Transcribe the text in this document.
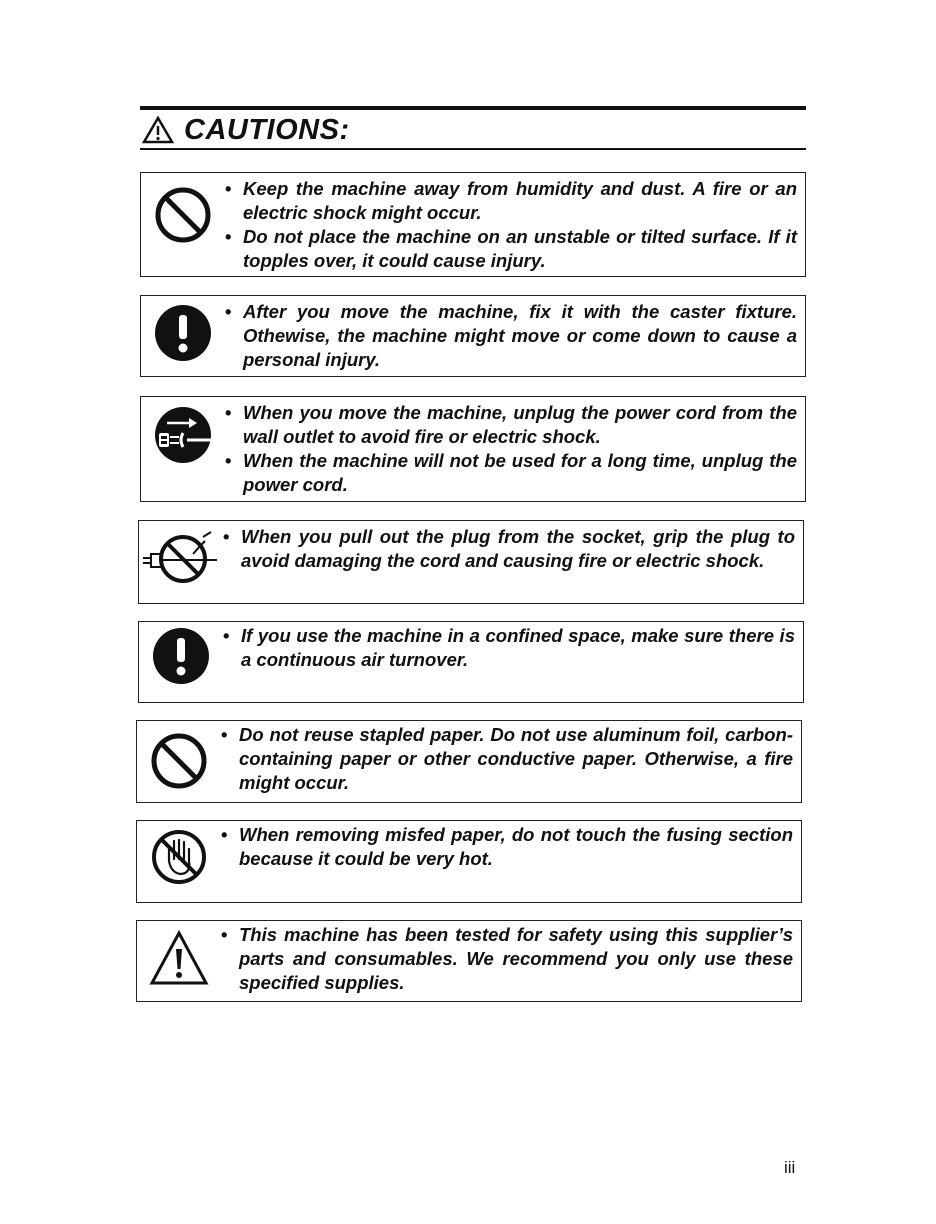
CAUTIONS:
• Keep the machine away from humidity and dust. A fire or an electric shock might occur.
• Do not place the machine on an unstable or tilted surface. If it topples over, it could cause injury.
• After you move the machine, fix it with the caster fixture. Othewise, the machine might move or come down to cause a personal injury.
• When you move the machine, unplug the power cord from the wall outlet to avoid fire or electric shock.
• When the machine will not be used for a long time, unplug the power cord.
• When you pull out the plug from the socket, grip the plug to avoid damaging the cord and causing fire or electric shock.
• If you use the machine in a confined space, make sure there is a continuous air turnover.
• Do not reuse stapled paper. Do not use aluminum foil, carbon-containing paper or other conductive paper. Otherwise, a fire might occur.
• When removing misfed paper, do not touch the fusing section because it could be very hot.
• This machine has been tested for safety using this supplier’s parts and consumables. We recommend you only use these specified supplies.
iii
